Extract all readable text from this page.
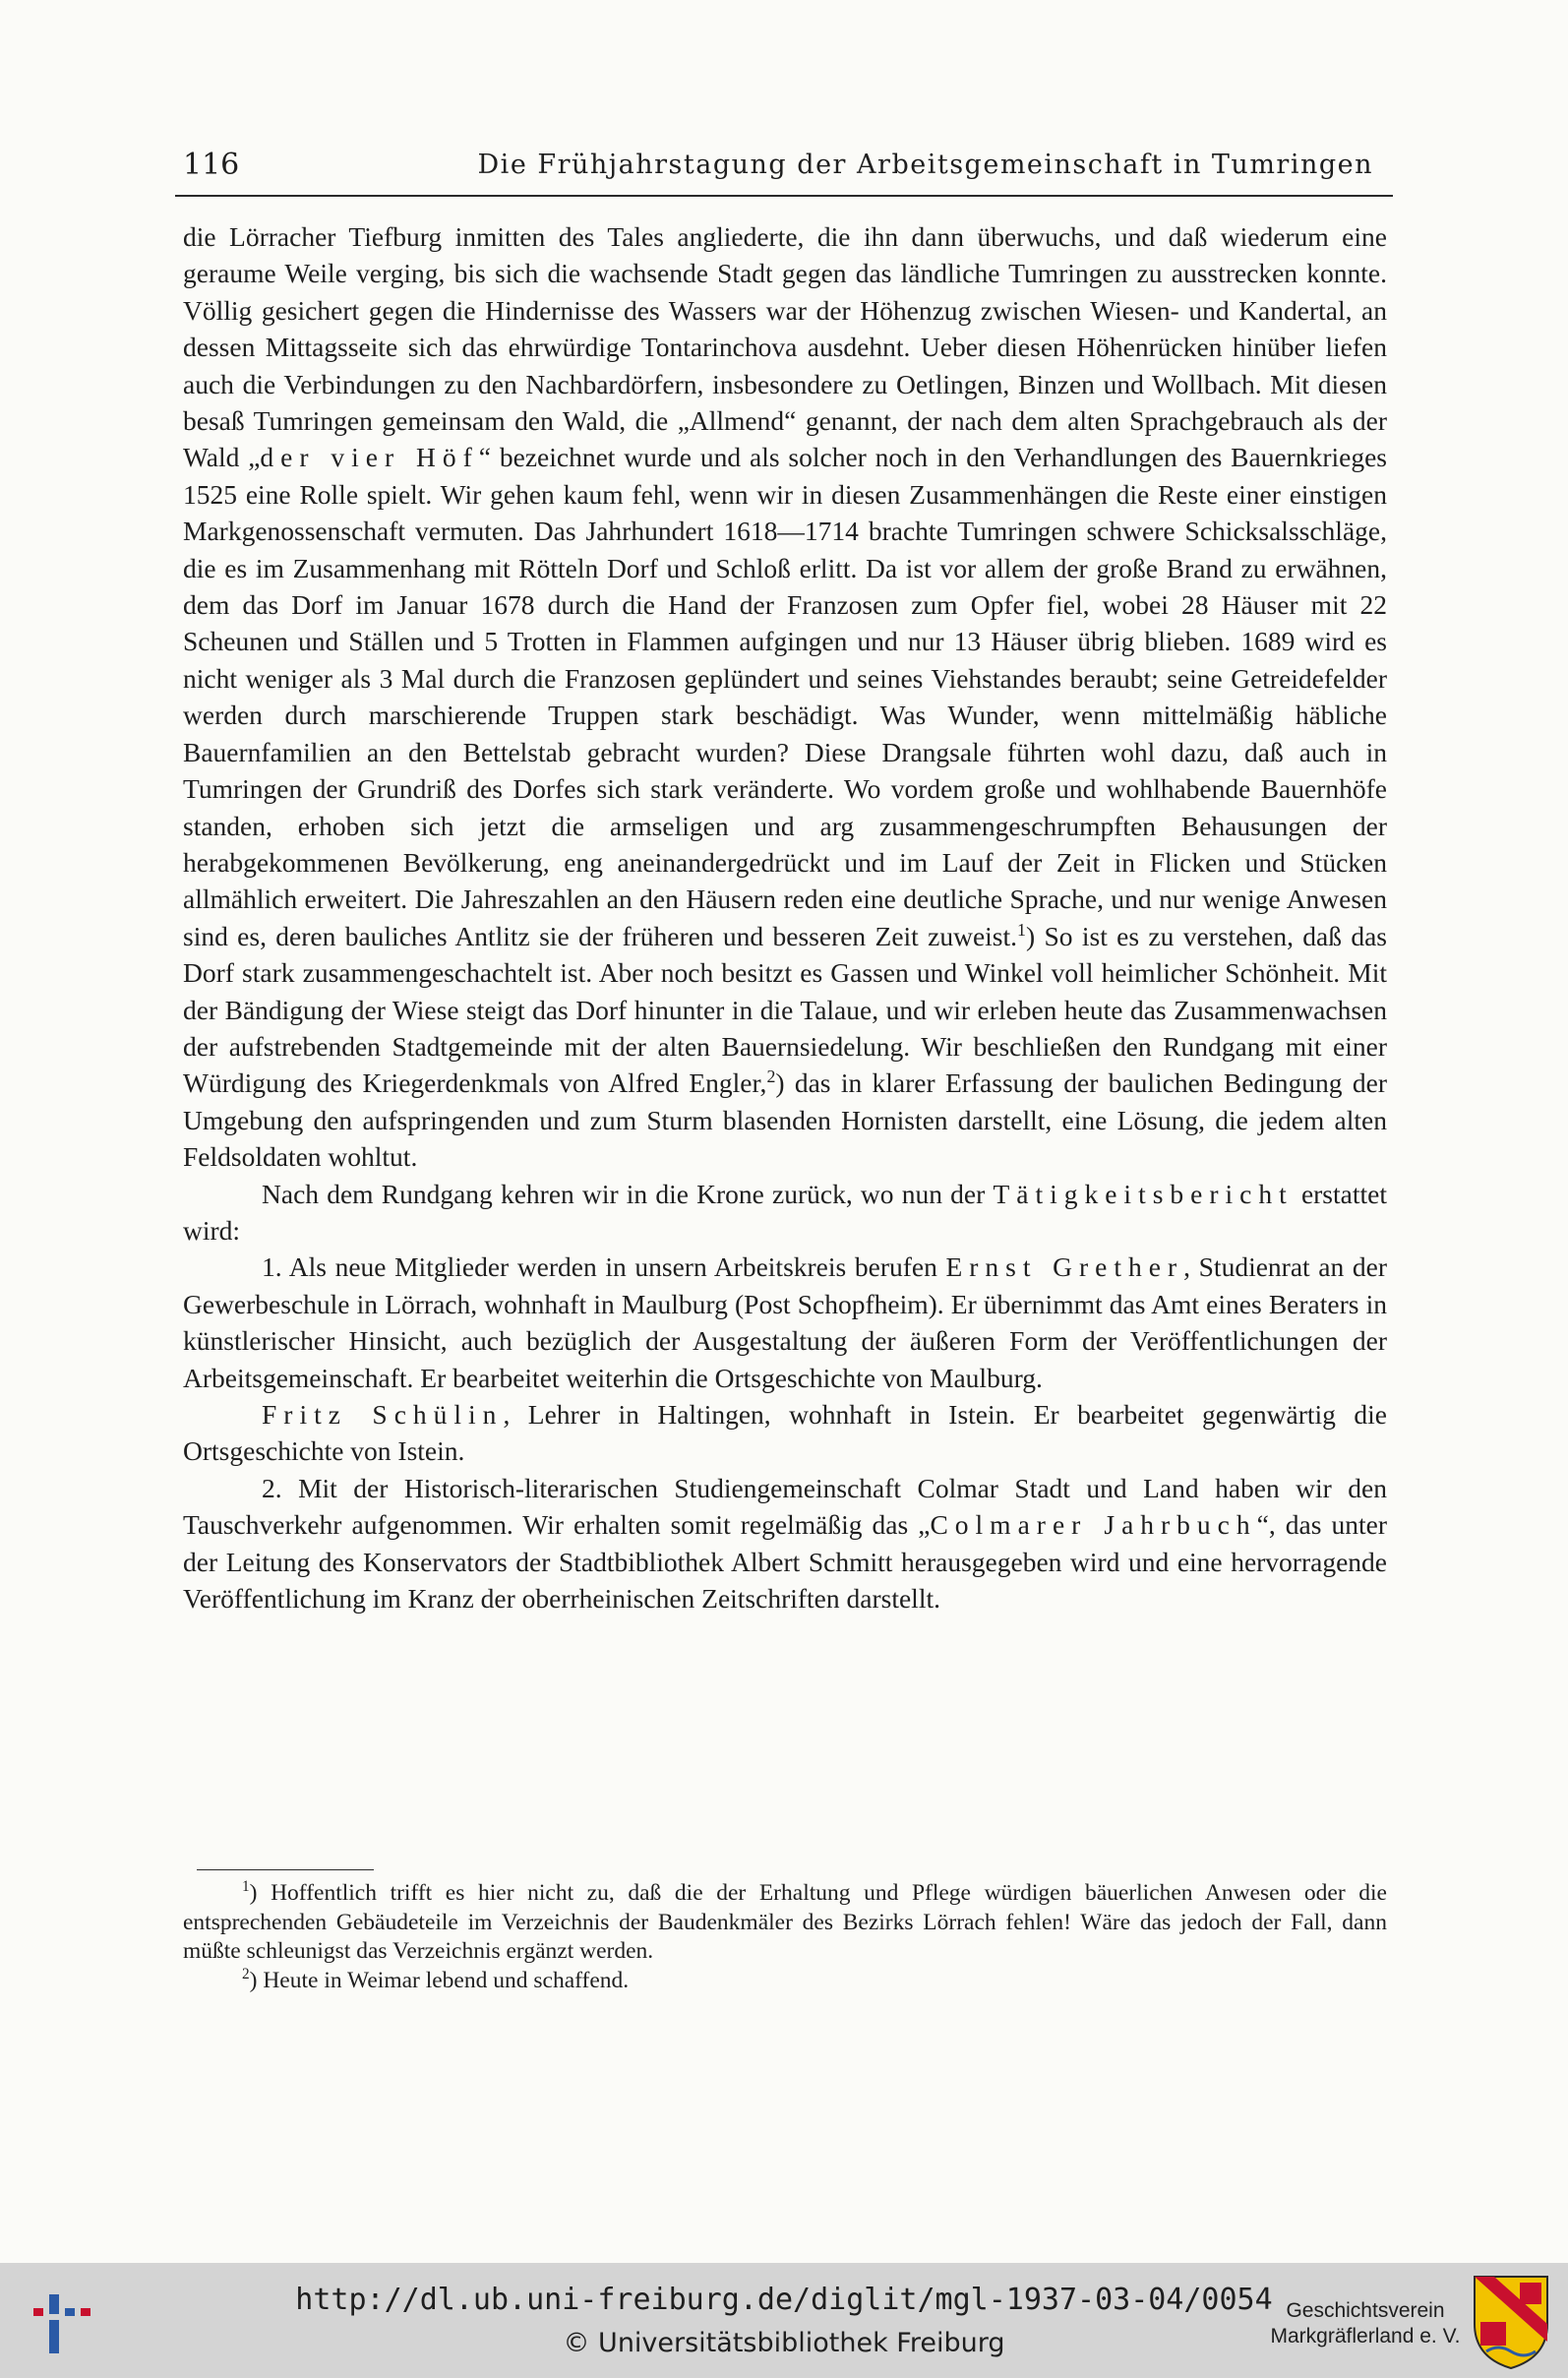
116	Die Frühjahrstagung der Arbeitsgemeinschaft in Tumringen

die Lörracher Tiefburg inmitten des Tales angliederte, die ihn dann überwuchs, und daß wiederum eine geraume Weile verging, bis sich die wachsende Stadt gegen das ländliche Tumringen zu ausstrecken konnte. Völlig gesichert gegen die Hindernisse des Wassers war der Höhenzug zwischen Wiesen- und Kandertal, an dessen Mittagsseite sich das ehrwürdige Tontarinchova ausdehnt. Ueber diesen Höhenrücken hinüber liefen auch die Verbindungen zu den Nachbardörfern, insbesondere zu Oetlingen, Binzen und Wollbach. Mit diesen besaß Tumringen gemeinsam den Wald, die „Allmend“ genannt, der nach dem alten Sprachgebrauch als der Wald „der vier Höf“ bezeichnet wurde und als solcher noch in den Verhandlungen des Bauernkrieges 1525 eine Rolle spielt. Wir gehen kaum fehl, wenn wir in diesen Zusammenhängen die Reste einer einstigen Markgenossenschaft vermuten. Das Jahrhundert 1618—1714 brachte Tumringen schwere Schicksalsschläge, die es im Zusammenhang mit Rötteln Dorf und Schloß erlitt. Da ist vor allem der große Brand zu erwähnen, dem das Dorf im Januar 1678 durch die Hand der Franzosen zum Opfer fiel, wobei 28 Häuser mit 22 Scheunen und Ställen und 5 Trotten in Flammen aufgingen und nur 13 Häuser übrig blieben. 1689 wird es nicht weniger als 3 Mal durch die Franzosen geplündert und seines Viehstandes beraubt; seine Getreidefelder werden durch marschierende Truppen stark beschädigt. Was Wunder, wenn mittelmäßig häbliche Bauernfamilien an den Bettelstab gebracht wurden? Diese Drangsale führten wohl dazu, daß auch in Tumringen der Grundriß des Dorfes sich stark veränderte. Wo vordem große und wohlhabende Bauernhöfe standen, erhoben sich jetzt die armseligen und arg zusammengeschrumpften Behausungen der herabgekommenen Bevölkerung, eng aneinandergedrückt und im Lauf der Zeit in Flicken und Stücken allmählich erweitert. Die Jahreszahlen an den Häusern reden eine deutliche Sprache, und nur wenige Anwesen sind es, deren bauliches Antlitz sie der früheren und besseren Zeit zuweist.$^1$) So ist es zu verstehen, daß das Dorf stark zusammengeschachtelt ist. Aber noch besitzt es Gassen und Winkel voll heimlicher Schönheit. Mit der Bändigung der Wiese steigt das Dorf hinunter in die Talaue, und wir erleben heute das Zusammenwachsen der aufstrebenden Stadtgemeinde mit der alten Bauernsiedelung. Wir beschließen den Rundgang mit einer Würdigung des Kriegerdenkmals von Alfred Engler,$^2$) das in klarer Erfassung der baulichen Bedingung der Umgebung den aufspringenden und zum Sturm blasenden Hornisten darstellt, eine Lösung, die jedem alten Feldsoldaten wohltut.

Nach dem Rundgang kehren wir in die Krone zurück, wo nun der Tätigkeitsbericht erstattet wird:

1. Als neue Mitglieder werden in unsern Arbeitskreis berufen Ernst Grether, Studienrat an der Gewerbeschule in Lörrach, wohnhaft in Maulburg (Post Schopfheim). Er übernimmt das Amt eines Beraters in künstlerischer Hinsicht, auch bezüglich der Ausgestaltung der äußeren Form der Veröffentlichungen der Arbeitsgemeinschaft. Er bearbeitet weiterhin die Ortsgeschichte von Maulburg.

Fritz Schülin, Lehrer in Haltingen, wohnhaft in Istein. Er bearbeitet gegenwärtig die Ortsgeschichte von Istein.

2. Mit der Historisch-literarischen Studiengemeinschaft Colmar Stadt und Land haben wir den Tauschverkehr aufgenommen. Wir erhalten somit regelmäßig das „Colmarer Jahrbuch“, das unter der Leitung des Konservators der Stadtbibliothek Albert Schmitt herausgegeben wird und eine hervorragende Veröffentlichung im Kranz der oberrheinischen Zeitschriften darstellt.

$^1$) Hoffentlich trifft es hier nicht zu, daß die der Erhaltung und Pflege würdigen bäuerlichen Anwesen oder die entsprechenden Gebäudeteile im Verzeichnis der Baudenkmäler des Bezirks Lörrach fehlen! Wäre das jedoch der Fall, dann müßte schleunigst das Verzeichnis ergänzt werden.

$^2$) Heute in Weimar lebend und schaffend.

http://dl.ub.uni-freiburg.de/diglit/mgl-1937-03-04/0054
© Universitätsbibliothek Freiburg
Geschichtsverein
Markgräflerland e. V.
